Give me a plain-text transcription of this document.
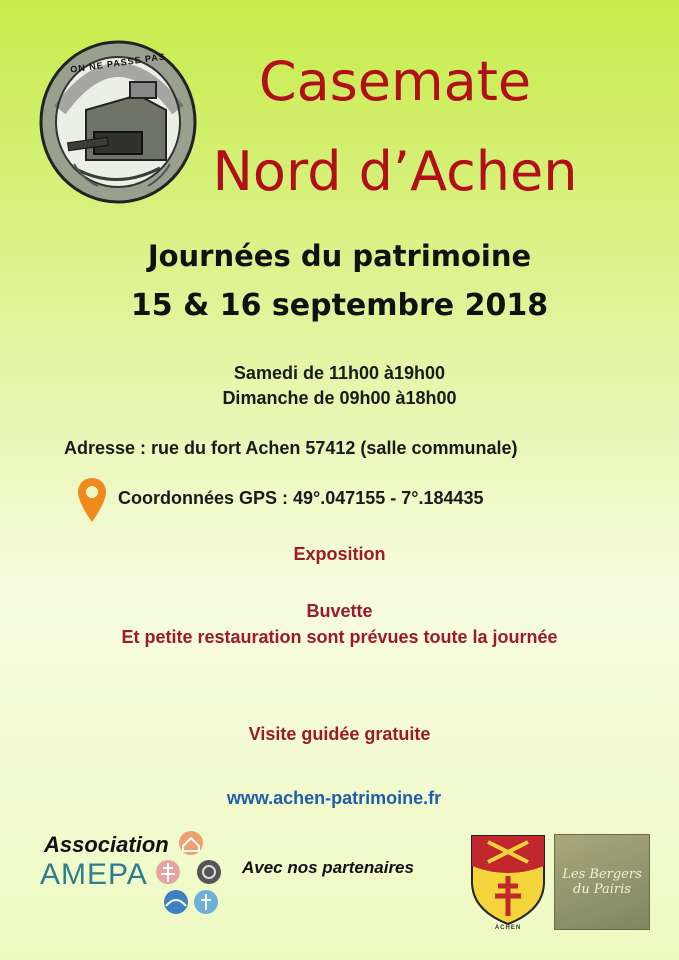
ON NE PASSE PAS	Casemate
Nord d’Achen
Journées du patrimoine
15 & 16 septembre 2018
Samedi de 11h00 à19h00
Dimanche de 09h00 à18h00
Adresse : rue du fort Achen 57412 (salle communale)
Coordonnées GPS : 49°.047155 - 7°.184435
Exposition
Buvette
Et petite restauration sont prévues toute la journée
Visite guidée gratuite
www.achen-patrimoine.fr
Association
AMEPA	Avec nos partenaires
ACHEN
Les Bergers du Pairis
